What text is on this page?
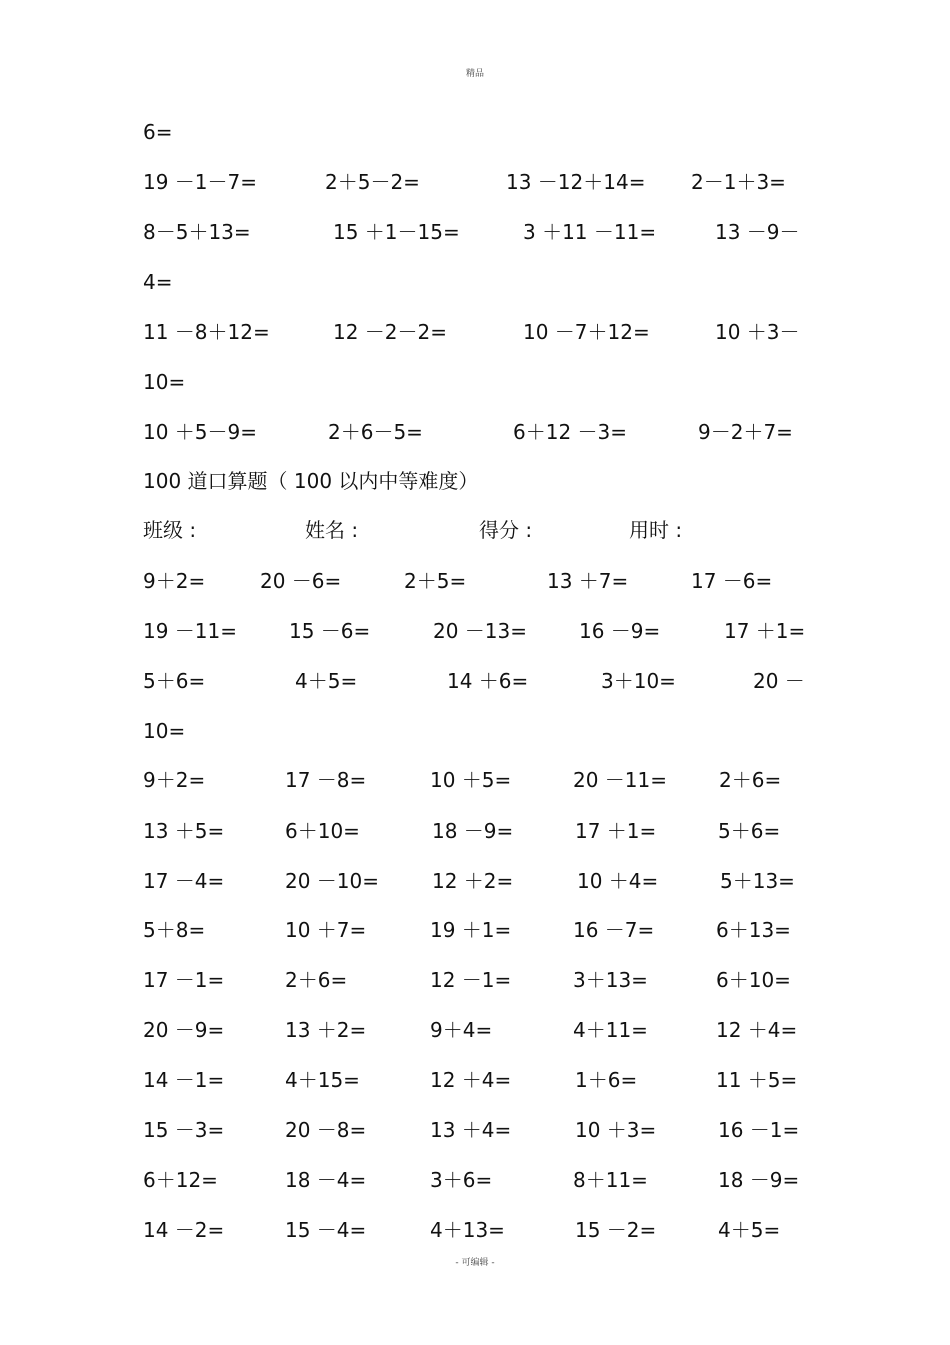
精品
6=
19 －1－7=	2＋5－2=	13 －12＋14= 2－1＋3=
8－5＋13=	15 ＋1－15=	3 ＋11 －11=	13 －9－
4=
11 －8＋12=	12 －2－2=	10 －7＋12=	10 ＋3－
10=
10 ＋5－9=	2＋6－5=	6＋12 －3=	9－2＋7=
100 道口算题（ 100 以内中等难度）
班级 :	姓名 :	得分 :	用时 :
9＋2=	20 －6=	2＋5=	13 ＋7=	17 －6=
19 －11=	15 －6=	20 －13=	16 －9=	17 ＋1=
5＋6=	4＋5=	14 ＋6=	3＋10=	20 －
10=
9＋2=	17 －8=	10 ＋5=	20 －11=	2＋6=
13 ＋5=	6＋10=	18 －9=	17 ＋1=	5＋6=
17 －4=	20 －10=	12 ＋2=	10 ＋4=	5＋13=
5＋8=	10 ＋7=	19 ＋1=	16 －7=	6＋13=
17 －1=	2＋6=	12 －1=	3＋13=	6＋10=
20 －9=	13 ＋2=	9＋4=	4＋11=	12 ＋4=
14 －1=	4＋15=	12 ＋4=	1＋6=	11 ＋5=
15 －3=	20 －8=	13 ＋4=	10 ＋3=	16 －1=
6＋12=	18 －4=	3＋6=	8＋11=	18 －9=
14 －2=	15 －4=	4＋13=	15 －2=	4＋5=
- 可编辑 -
